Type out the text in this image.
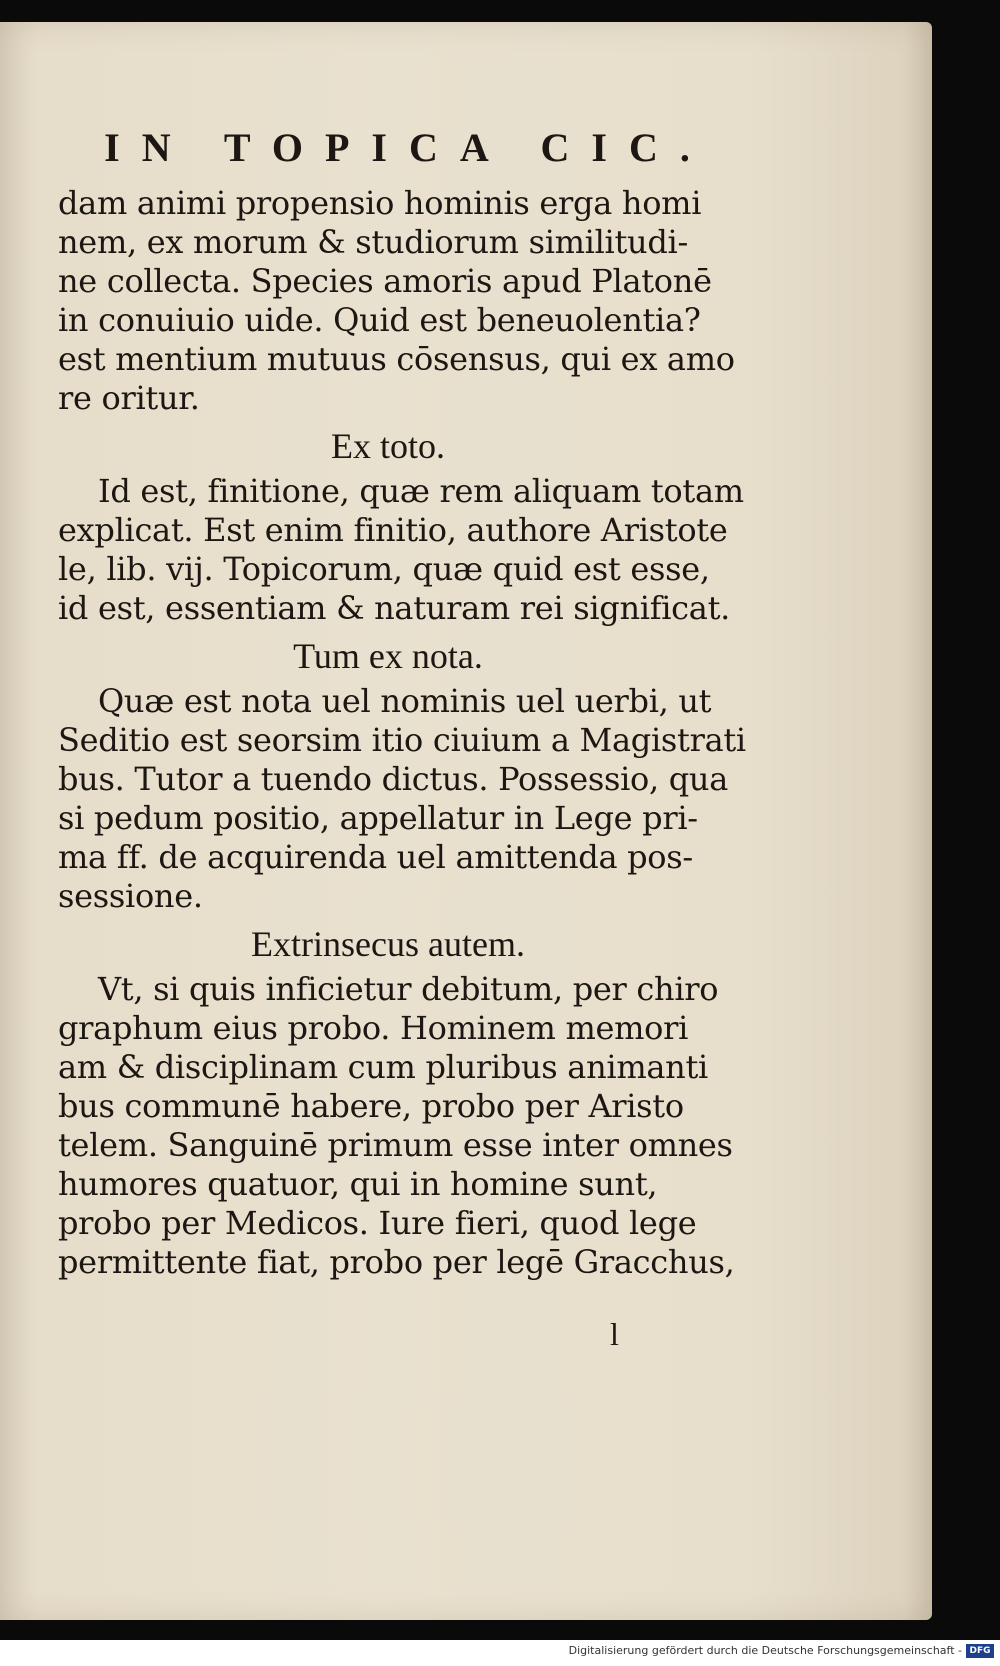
IN TOPICA CIC.

dam animi propensio hominis erga homi
nem, ex morum & studiorum similitudi-
ne collecta. Species amoris apud Platonē
in conuiuio uide. Quid est beneuolentia?
est mentium mutuus cōsensus, qui ex amo
re oritur.

Ex toto.

Id est, finitione, quæ rem aliquam totam
explicat. Est enim finitio, authore Aristote
le, lib. vij. Topicorum, quæ quid est esse,
id est, essentiam & naturam rei significat.

Tum ex nota.

Quæ est nota uel nominis uel uerbi, ut
Seditio est seorsim itio ciuium a Magistrati
bus. Tutor a tuendo dictus. Possessio, qua
si pedum positio, appellatur in Lege pri-
ma ff. de acquirenda uel amittenda pos-
sessione.

Extrinsecus autem.

Vt, si quis inficietur debitum, per chiro
graphum eius probo. Hominem memori
am & disciplinam cum pluribus animanti
bus communē habere, probo per Aristo
telem. Sanguinē primum esse inter omnes
humores quatuor, qui in homine sunt,
probo per Medicos. Iure fieri, quod lege
permittente fiat, probo per legē Gracchus,

l
Digitalisierung gefördert durch die Deutsche Forschungsgemeinschaft - DFG
